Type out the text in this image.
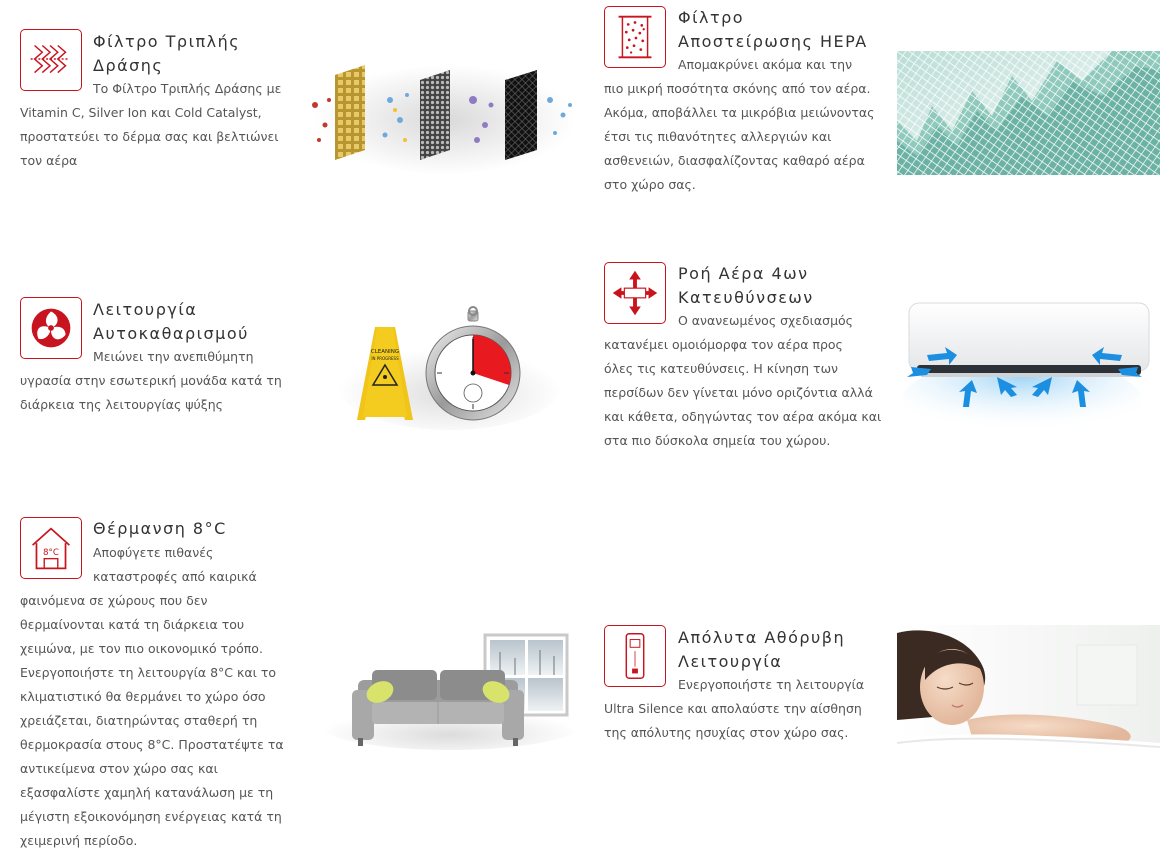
Φίλτρο Τριπλής
Δράσης
Το Φίλτρο Τριπλής Δράσης με
Vitamin C, Silver Ion και Cold Catalyst,
προστατεύει το δέρμα σας και βελτιώνει
τον αέρα
Φίλτρο
Αποστείρωσης HEPA
Απομακρύνει ακόμα και την
πιο μικρή ποσότητα σκόνης από τον αέρα.
Ακόμα, αποβάλλει τα μικρόβια μειώνοντας
έτσι τις πιθανότητες αλλεργιών και
ασθενειών, διασφαλίζοντας καθαρό αέρα
στο χώρο σας.
Λειτουργία
Αυτοκαθαρισμού
Μειώνει την ανεπιθύμητη
υγρασία στην εσωτερική μονάδα κατά τη
διάρκεια της λειτουργίας ψύξης
CLEANING
IN PROGRESS
Ροή Αέρα 4ων
Κατευθύνσεων
Ο ανανεωμένος σχεδιασμός
κατανέμει ομοιόμορφα τον αέρα προς
όλες τις κατευθύνσεις. Η κίνηση των
περσίδων δεν γίνεται μόνο οριζόντια αλλά
και κάθετα, οδηγώντας τον αέρα ακόμα και
στα πιο δύσκολα σημεία του χώρου.
8°C
Θέρμανση 8°C
Αποφύγετε πιθανές
καταστροφές από καιρικά
φαινόμενα σε χώρους που δεν
θερμαίνονται κατά τη διάρκεια του
χειμώνα, με τον πιο οικονομικό τρόπο.
Ενεργοποιήστε τη λειτουργία 8°C και το
κλιματιστικό θα θερμάνει το χώρο όσο
χρειάζεται, διατηρώντας σταθερή τη
θερμοκρασία στους 8°C. Προστατέψτε τα
αντικείμενα στον χώρο σας και
εξασφαλίστε χαμηλή κατανάλωση με τη
μέγιστη εξοικονόμηση ενέργειας κατά τη
χειμερινή περίοδο.
Απόλυτα Αθόρυβη
Λειτουργία
Ενεργοποιήστε τη λειτουργία
Ultra Silence και απολαύστε την αίσθηση
της απόλυτης ησυχίας στον χώρο σας.
